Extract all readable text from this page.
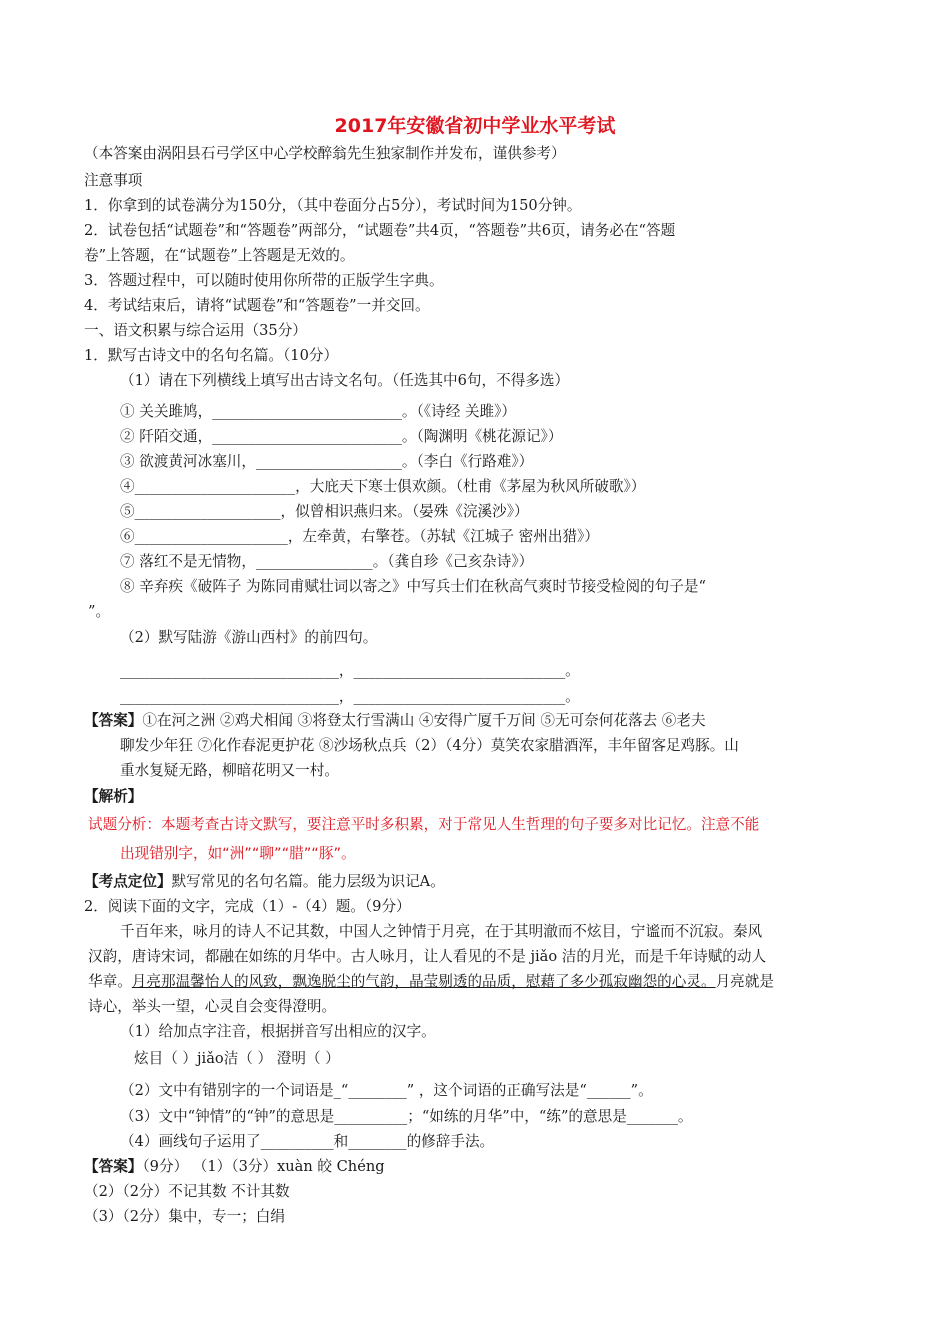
2017年安徽省初中学业水平考试
（本答案由涡阳县石弓学区中心学校醉翁先生独家制作并发布，谨供参考）
注意事项
1．你拿到的试卷满分为150分，（其中卷面分占5分），考试时间为150分钟。
2．试卷包括“试题卷”和“答题卷”两部分，“试题卷”共4页，“答题卷”共6页，请务必在“答题
卷”上答题，在“试题卷”上答题是无效的。
3．答题过程中，可以随时使用你所带的正版学生字典。
4．考试结束后，请将“试题卷”和“答题卷”一并交回。
一、语文积累与综合运用（35分）
1．默写古诗文中的名句名篇。（10分）
（1）请在下列横线上填写出古诗文名句。（任选其中6句，不得多选）
① 关关雎鸠，__________________________。（《诗经 关雎》）
② 阡陌交通，__________________________。（陶渊明《桃花源记》）
③ 欲渡黄河冰塞川，____________________。（李白《行路难》）
④______________________，大庇天下寒士俱欢颜。（杜甫《茅屋为秋风所破歌》）
⑤____________________，似曾相识燕归来。（晏殊《浣溪沙》）
⑥_____________________，左牵黄，右擎苍。（苏轼《江城子 密州出猎》）
⑦ 落红不是无情物，________________。（龚自珍《己亥杂诗》）
⑧ 辛弃疾《破阵子 为陈同甫赋壮词以寄之》中写兵士们在秋高气爽时节接受检阅的句子是“
”。
（2）默写陆游《游山西村》的前四句。
______________________________，_____________________________。
______________________________，_____________________________。
【答案】①在河之洲 ②鸡犬相闻 ③将登太行雪满山 ④安得广厦千万间 ⑤无可奈何花落去 ⑥老夫
聊发少年狂 ⑦化作春泥更护花 ⑧沙场秋点兵（2）（4分）莫笑农家腊酒浑，丰年留客足鸡豚。山
重水复疑无路，柳暗花明又一村。
【解析】
试题分析：本题考查古诗文默写，要注意平时多积累，对于常见人生哲理的句子要多对比记忆。注意不能
出现错别字，如“洲”“聊”“腊”“豚”。
【考点定位】默写常见的名句名篇。能力层级为识记A。
2．阅读下面的文字，完成（1）-（4）题。（9分）
千百年来，咏月的诗人不记其数，中国人之钟情于月亮，在于其明澈而不炫目，宁谧而不沉寂。秦风
汉韵，唐诗宋词，都融在如练的月华中。古人咏月，让人看见的不是 jiǎo 洁的月光，而是千年诗赋的动人
华章。月亮那温馨怡人的风致，飘逸脱尘的气韵，晶莹剔透的品质，慰藉了多少孤寂幽怨的心灵。月亮就是
诗心，举头一望，心灵自会变得澄明。
（1）给加点字注音，根据拼音写出相应的汉字。
炫目（ ）jiǎo洁（ ） 澄明（ ）
（2）文中有错别字的一个词语是_“________” ，这个词语的正确写法是“______”。
（3）文中“钟情”的“钟”的意思是__________；“如练的月华”中，“练”的意思是_______。
（4）画线句子运用了__________和________的修辞手法。
【答案】（9分） （1）（3分）xuàn 皎 Chéng
（2）（2分）不记其数 不计其数
（3）（2分）集中，专一；白绢
